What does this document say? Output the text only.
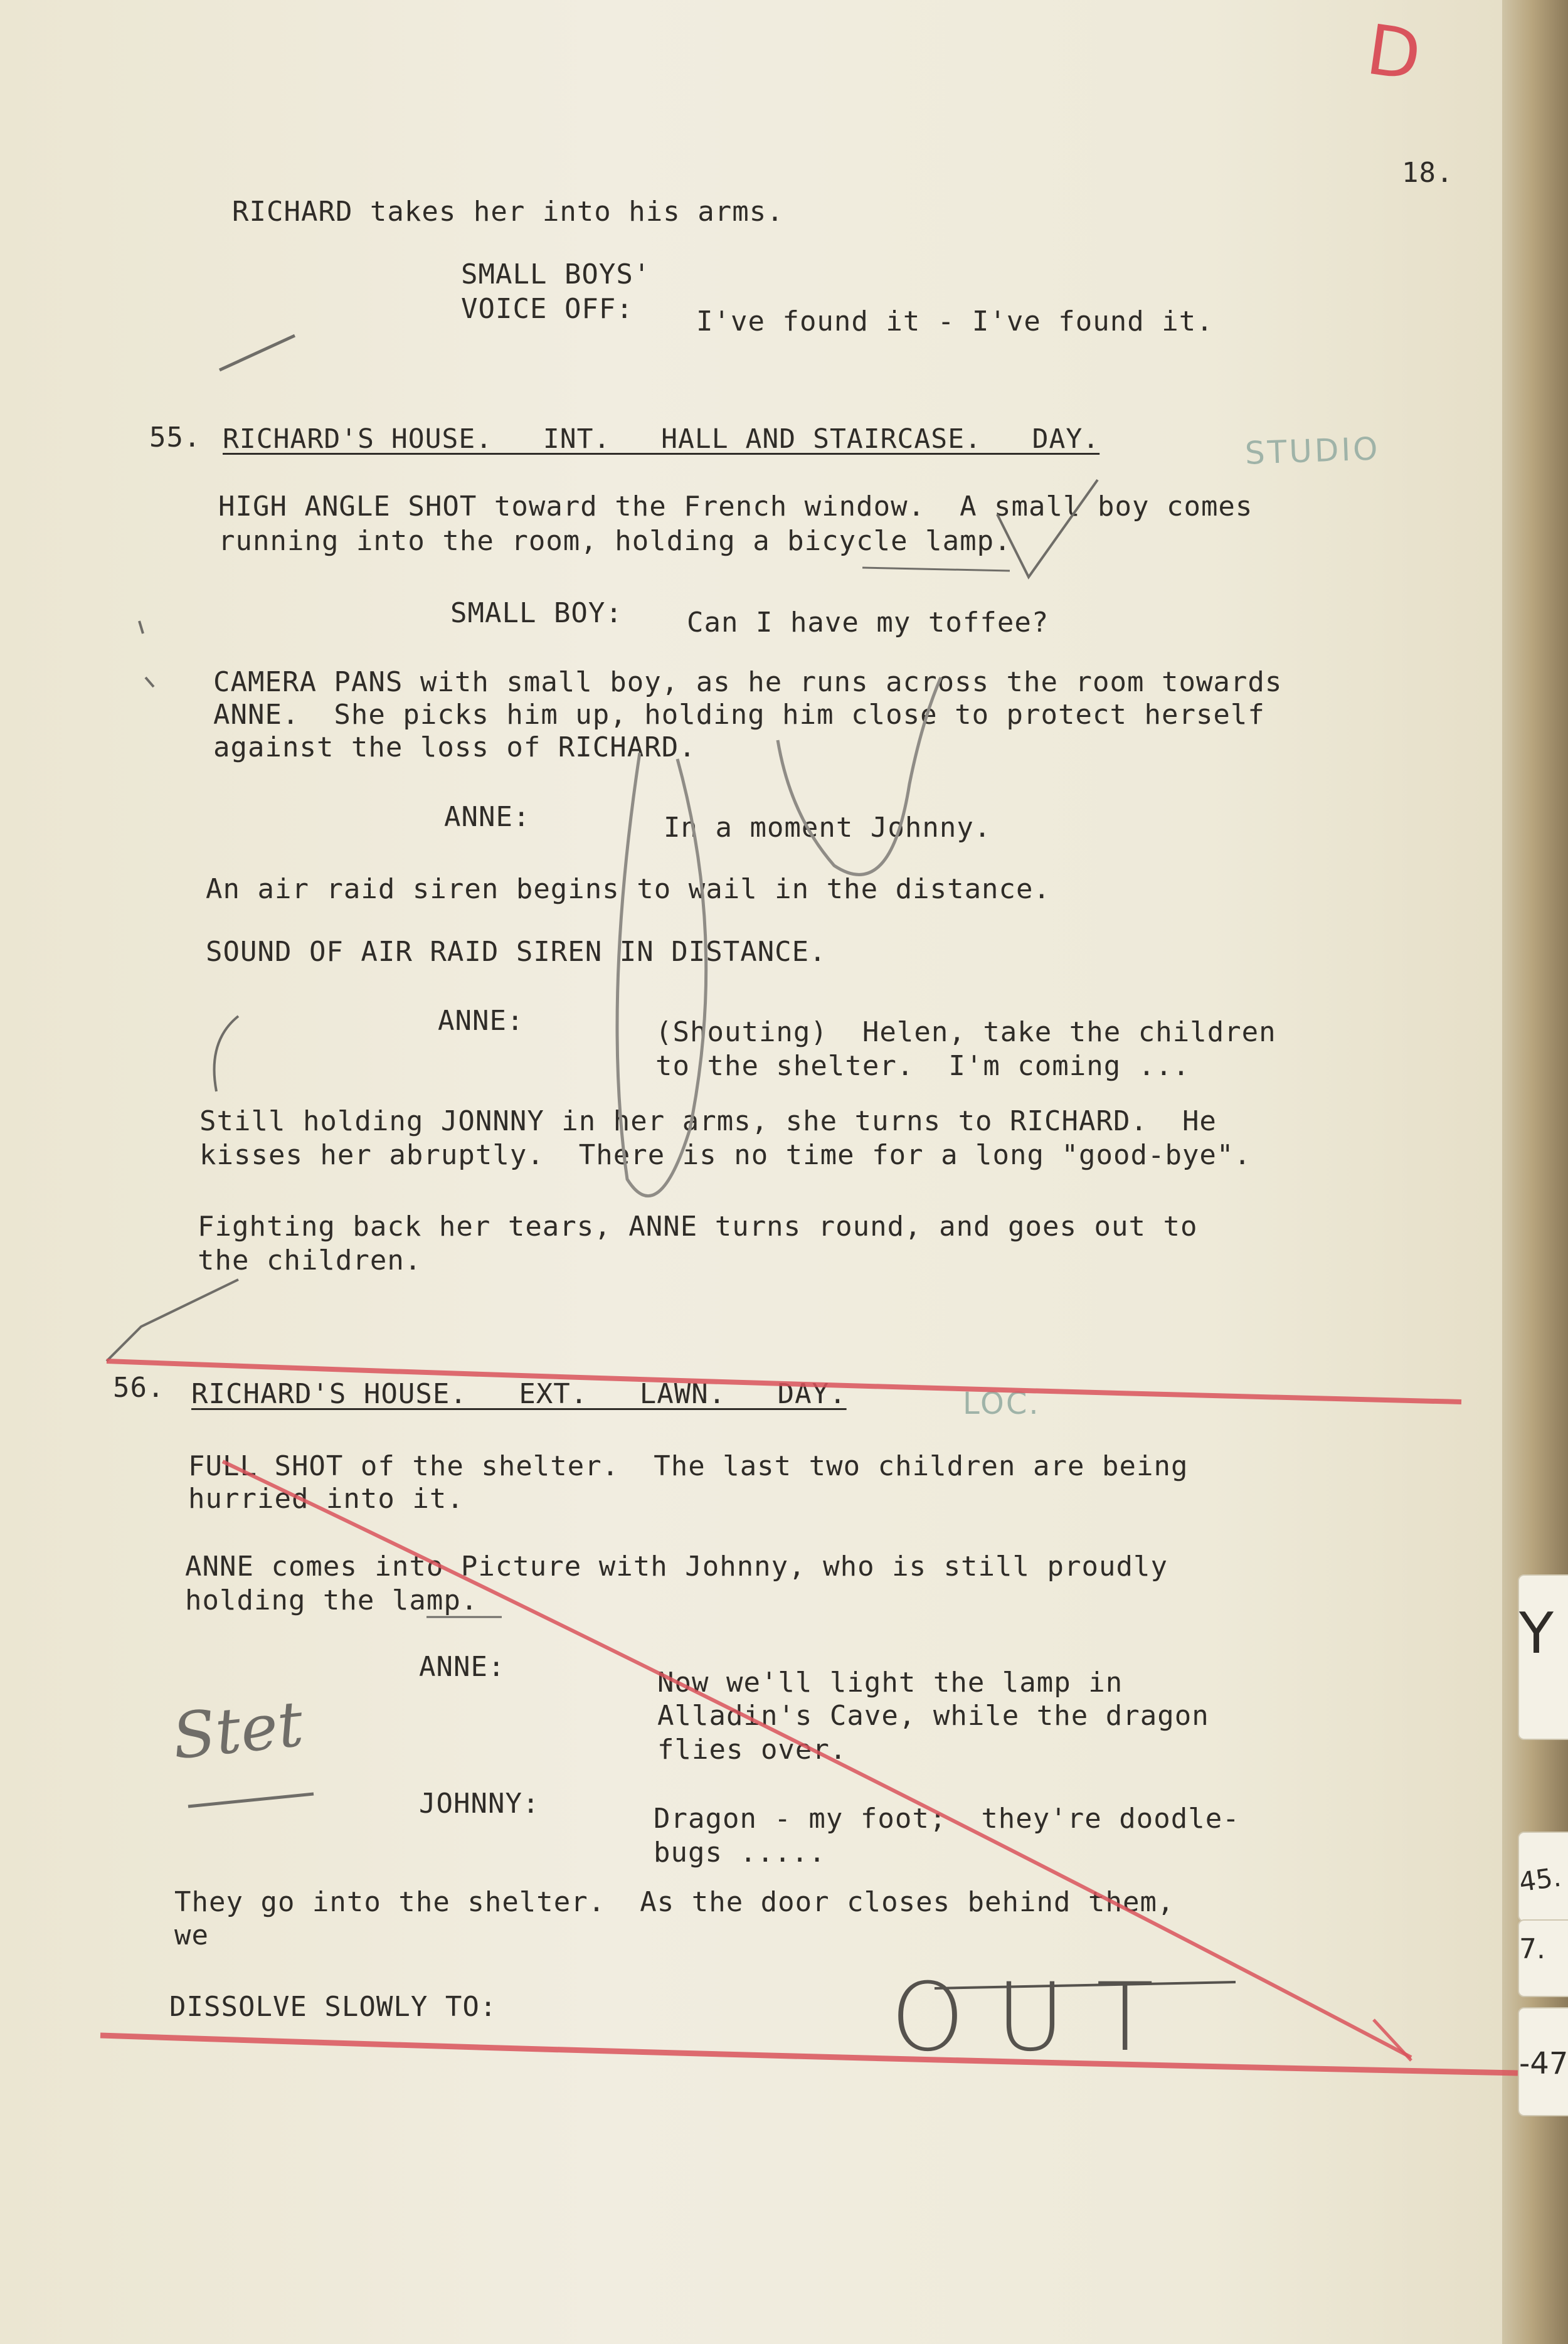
Y
45.
7.
-47
18.
RICHARD takes her into his arms.
SMALL BOYS'
VOICE OFF: I've found it - I've found it.
55. RICHARD'S HOUSE.   INT.   HALL AND STAIRCASE.   DAY.
HIGH ANGLE SHOT toward the French window.  A small boy comes
running into the room, holding a bicycle lamp.
SMALL BOY: Can I have my toffee?
CAMERA PANS with small boy, as he runs across the room towards
ANNE.  She picks him up, holding him close to protect herself
against the loss of RICHARD.
ANNE:	In a moment Johnny.
An air raid siren begins to wail in the distance.
SOUND OF AIR RAID SIREN IN DISTANCE.
ANNE:	(Shouting)  Helen, take the children
to the shelter.  I'm coming ...
Still holding JONNNY in her arms, she turns to RICHARD.  He
kisses her abruptly.  There is no time for a long "good-bye".
Fighting back her tears, ANNE turns round, and goes out to
the children.
56. RICHARD'S HOUSE.   EXT.   LAWN.   DAY.
FULL SHOT of the shelter.  The last two children are being
hurried into it.
ANNE comes into Picture with Johnny, who is still proudly
holding the lamp.
ANNE:	Now we'll light the lamp in
Alladin's Cave, while the dragon
flies over.
JOHNNY:	Dragon - my foot;  they're doodle-
bugs .....
They go into the shelter.  As the door closes behind them,
we
DISSOLVE SLOWLY TO:
D
STUDIO
LOC.
Stet
OUT
